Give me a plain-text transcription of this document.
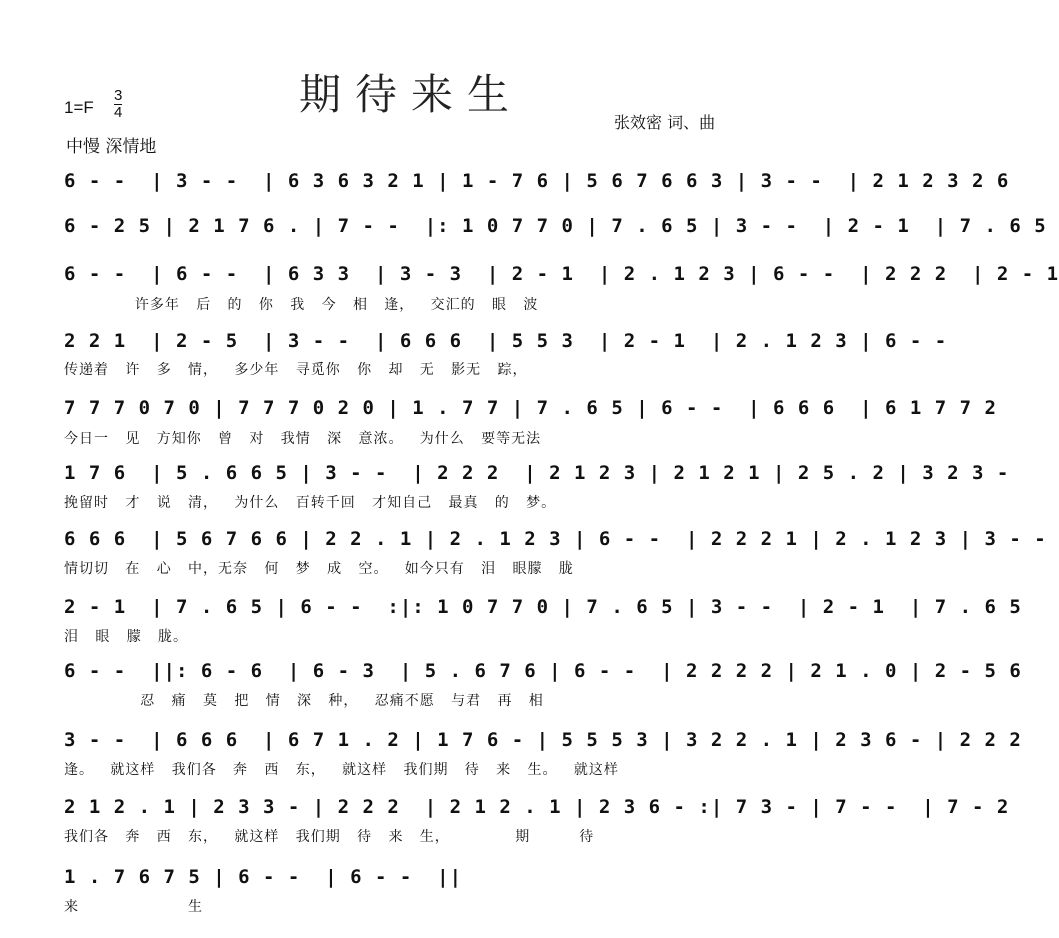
期待来生
1=F
3
4
中慢 深情地
张效密 词、曲
6 - -  | 3 - -  | 6 3 6 3 2 1 | 1 - 7 6 | 5 6 7 6 6 3 | 3 - -  | 2 1 2 3 2 6
6 - 2 5 | 2 1 7 6 . | 7 - -  |: 1 0 7 7 0 | 7 . 6 5 | 3 - -  | 2 - 1  | 7 . 6 5
6 - -  | 6 - -  | 6 3 3  | 3 - 3  | 2 - 1  | 2 . 1 2 3 | 6 - -  | 2 2 2  | 2 - 1
许多年   后   的   你   我   今   相   逢，   交汇的   眼   波
2 2 1  | 2 - 5  | 3 - -  | 6 6 6  | 5 5 3  | 2 - 1  | 2 . 1 2 3 | 6 - -
传递着   许   多   情，   多少年   寻觅你   你   却   无   影无   踪，
7 7 7 0 7 0 | 7 7 7 0 2 0 | 1 . 7 7 | 7 . 6 5 | 6 - -  | 6 6 6  | 6 1 7 7 2
今日一   见   方知你   曾   对   我情   深   意浓。   为什么   要等无法
1 7 6  | 5 . 6 6 5 | 3 - -  | 2 2 2  | 2 1 2 3 | 2 1 2 1 | 2 5 . 2 | 3 2 3 -
挽留时   才   说   清，   为什么   百转千回   才知自己   最真   的   梦。
6 6 6  | 5 6 7 6 6 | 2 2 . 1 | 2 . 1 2 3 | 6 - -  | 2 2 2 1 | 2 . 1 2 3 | 3 - -
情切切   在   心   中，无奈   何   梦   成   空。   如今只有   泪   眼朦   胧
2 - 1  | 7 . 6 5 | 6 - -  :|: 1 0 7 7 0 | 7 . 6 5 | 3 - -  | 2 - 1  | 7 . 6 5
泪   眼   朦   胧。
6 - -  ||: 6 - 6  | 6 - 3  | 5 . 6 7 6 | 6 - -  | 2 2 2 2 | 2 1 . 0 | 2 - 5 6
忍   痛   莫   把   情   深   种，   忍痛不愿   与君   再   相
3 - -  | 6 6 6  | 6 7 1 . 2 | 1 7 6 - | 5 5 5 3 | 3 2 2 . 1 | 2 3 6 - | 2 2 2
逢。   就这样   我们各   奔   西   东，   就这样   我们期   待   来   生。   就这样
2 1 2 . 1 | 2 3 3 - | 2 2 2  | 2 1 2 . 1 | 2 3 6 - :| 7 3 - | 7 - -  | 7 - 2
我们各   奔   西   东，   就这样   我们期   待   来   生，            期         待
1 . 7 6 7 5 | 6 - -  | 6 - -  ||
来                    生
